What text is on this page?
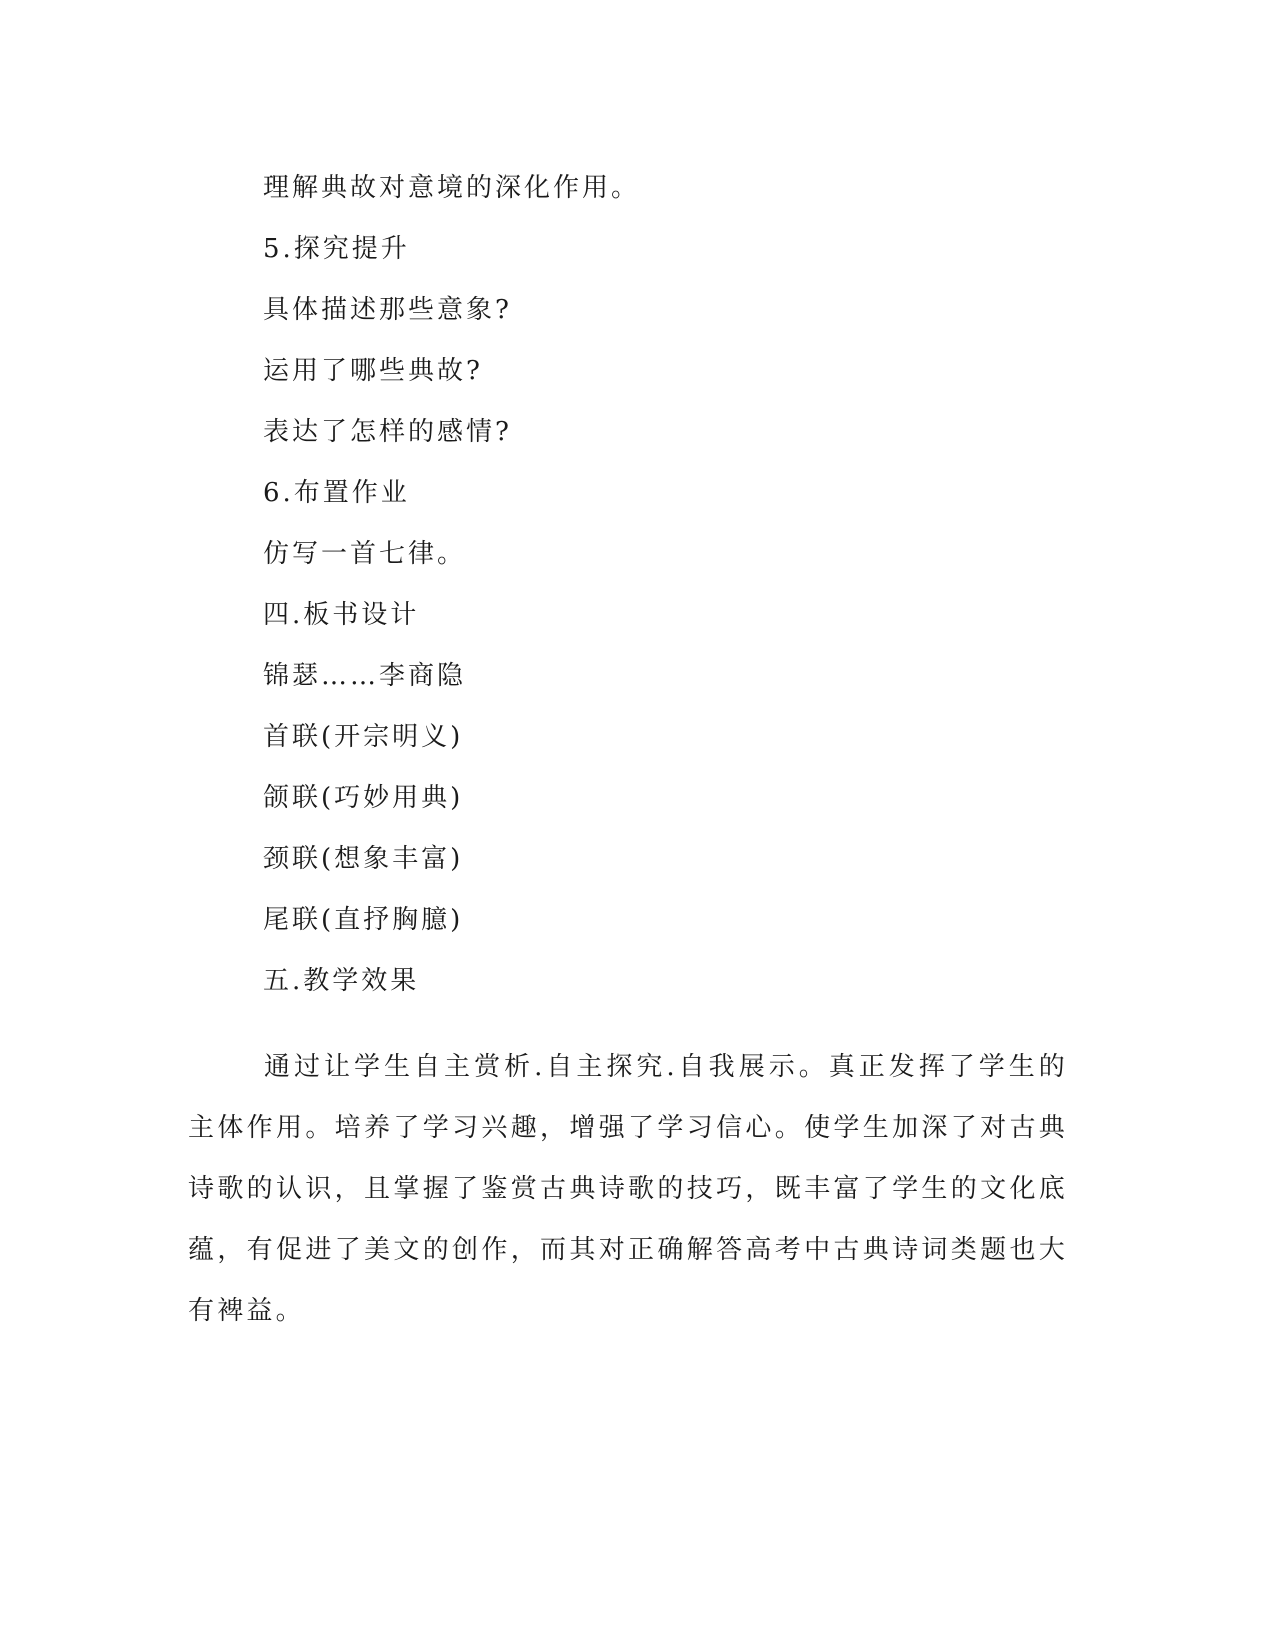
理解典故对意境的深化作用。
5.探究提升
具体描述那些意象?
运用了哪些典故?
表达了怎样的感情?
6.布置作业
仿写一首七律。
四.板书设计
锦瑟……李商隐
首联(开宗明义)
颌联(巧妙用典)
颈联(想象丰富)
尾联(直抒胸臆)
五.教学效果
通过让学生自主赏析.自主探究.自我展示。真正发挥了学生的主体作用。培养了学习兴趣，增强了学习信心。使学生加深了对古典诗歌的认识，且掌握了鉴赏古典诗歌的技巧，既丰富了学生的文化底蕴，有促进了美文的创作，而其对正确解答高考中古典诗词类题也大有裨益。
